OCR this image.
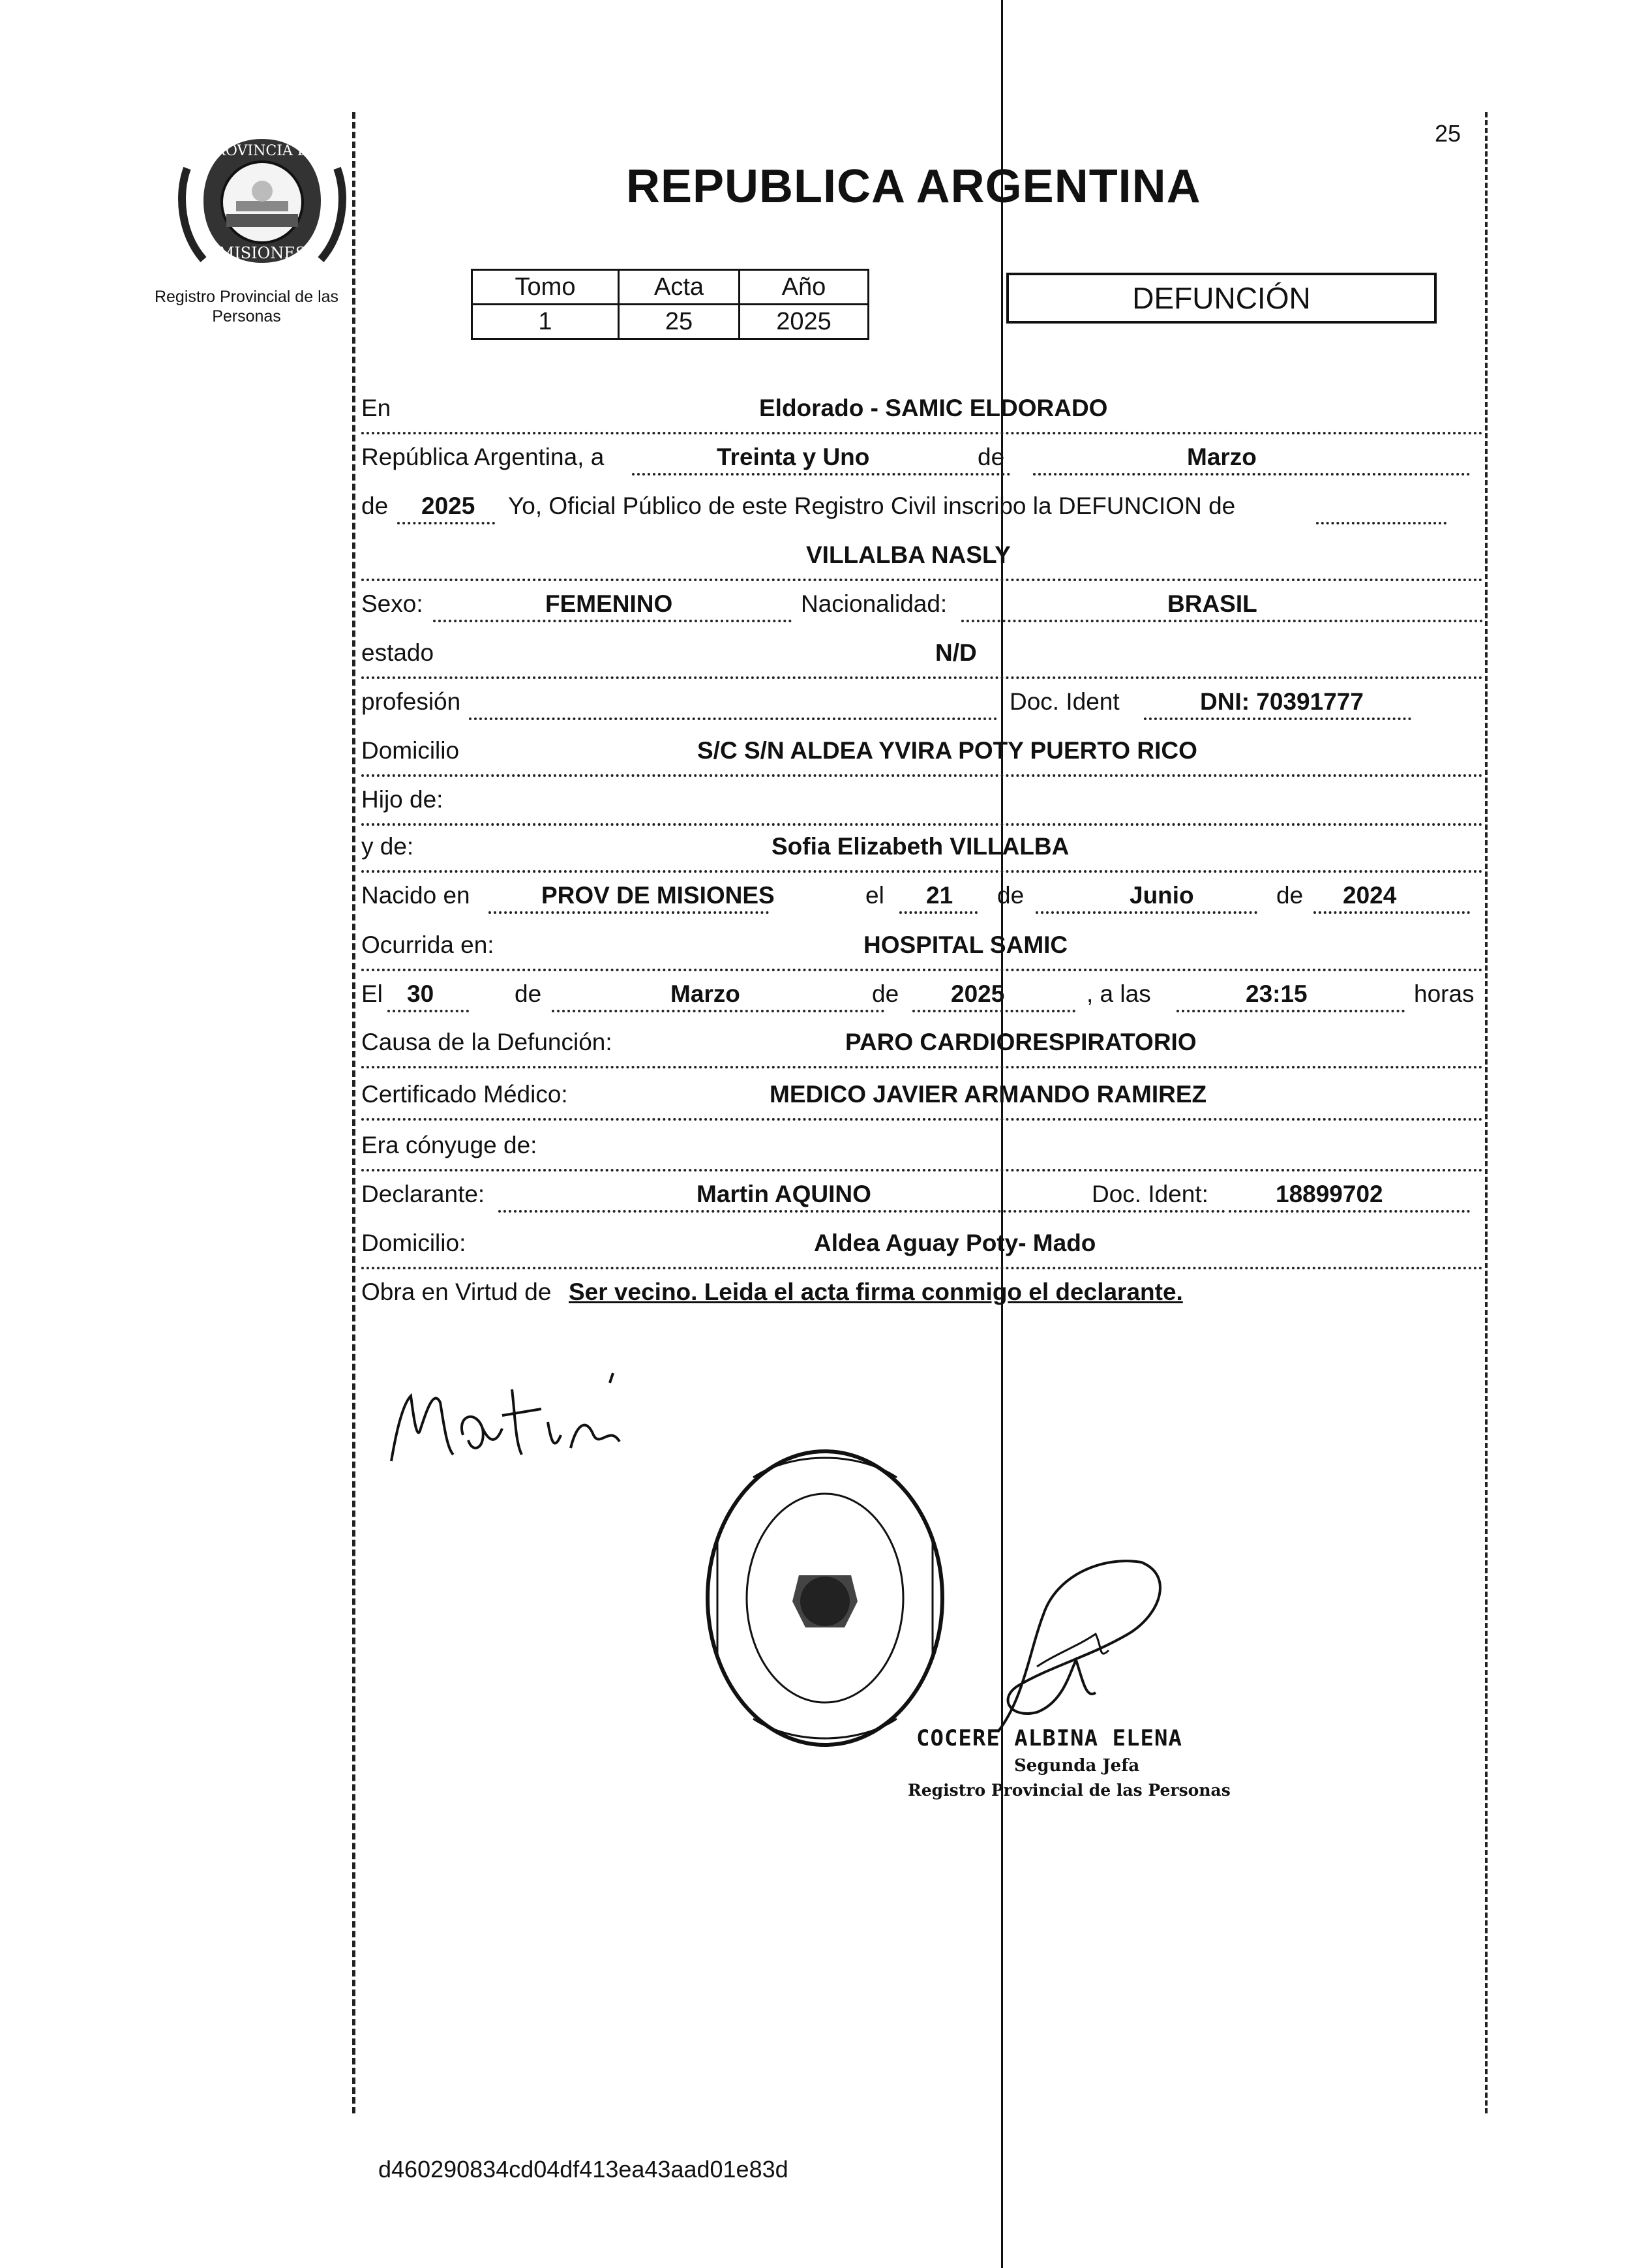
PROVINCIA DE
MISIONES
Registro Provincial de las Personas
25
REPUBLICA ARGENTINA
Tomo	Acta	Año
1	25	2025
DEFUNCIÓN
En	Eldorado - SAMIC ELDORADO
República Argentina, a	Treinta y Uno	de	Marzo
de 2025 Yo, Oficial Público de este Registro Civil inscribo la DEFUNCION de
VILLALBA NASLY
Sexo:	FEMENINO	Nacionalidad:	BRASIL
estado	N/D
profesión	Doc. Ident	DNI: 70391777
Domicilio	S/C S/N ALDEA YVIRA POTY PUERTO RICO
Hijo de:
y de:	Sofia Elizabeth VILLALBA
Nacido en	PROV DE MISIONES	el 21 de	Junio	de 2024
Ocurrida en:	HOSPITAL SAMIC
El 30	de	Marzo	de 2025	, a las	23:15	horas
Causa de la Defunción:	PARO CARDIORESPIRATORIO
Certificado Médico:	MEDICO JAVIER ARMANDO RAMIREZ
Era cónyuge de:
Declarante:	Martin AQUINO	Doc. Ident:	18899702
Domicilio:	Aldea Aguay Poty- Mado
Obra en Virtud de Ser vecino. Leida el acta firma conmigo el declarante.
COCERE ALBINA ELENA
Segunda Jefa
Registro Provincial de las Personas
d460290834cd04df413ea43aad01e83d
